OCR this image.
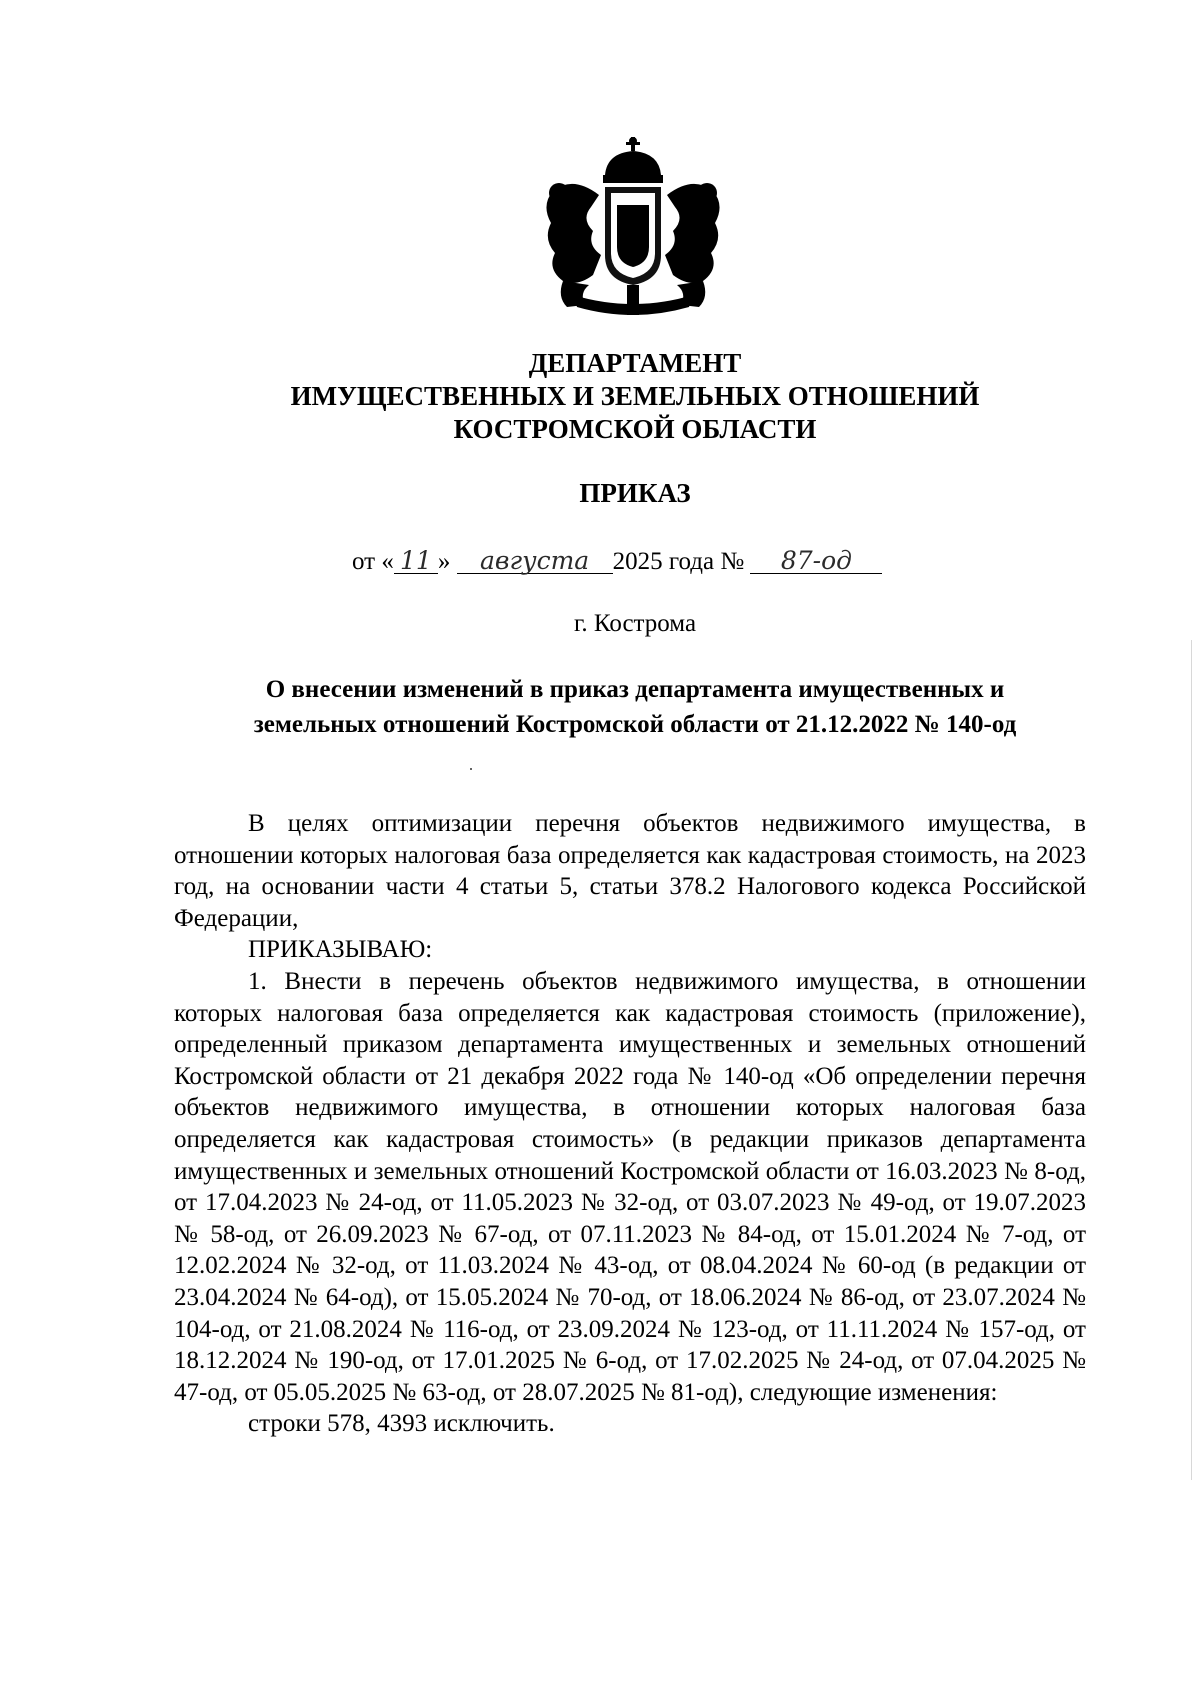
ДЕПАРТАМЕНТ
ИМУЩЕСТВЕННЫХ И ЗЕМЕЛЬНЫХ ОТНОШЕНИЙ
КОСТРОМСКОЙ ОБЛАСТИ
ПРИКАЗ
от « 11 » августа 2025 года № 87-од
г. Кострома
О внесении изменений в приказ департамента имущественных и
земельных отношений Костромской области от 21.12.2022 № 140-од

В целях оптимизации перечня объектов недвижимого имущества, в отношении которых налоговая база определяется как кадастровая стоимость, на 2023 год, на основании части 4 статьи 5, статьи 378.2 Налогового кодекса Российской Федерации,

ПРИКАЗЫВАЮ:

1. Внести в перечень объектов недвижимого имущества, в отношении которых налоговая база определяется как кадастровая стоимость (приложение), определенный приказом департамента имущественных и земельных отношений Костромской области от 21 декабря 2022 года № 140-од «Об определении перечня объектов недвижимого имущества, в отношении которых налоговая база определяется как кадастровая стоимость» (в редакции приказов департамента имущественных и земельных отношений Костромской области от 16.03.2023 № 8-од, от 17.04.2023 № 24-од, от 11.05.2023 № 32-од, от 03.07.2023 № 49-од, от 19.07.2023 № 58-од, от 26.09.2023 № 67-од, от 07.11.2023 № 84-од, от 15.01.2024 № 7-од, от 12.02.2024 № 32-од, от 11.03.2024 № 43-од, от 08.04.2024 № 60-од (в редакции от 23.04.2024 № 64-од), от 15.05.2024 № 70-од, от 18.06.2024 № 86-од, от 23.07.2024 № 104-од, от 21.08.2024 № 116-од, от 23.09.2024 № 123-од, от 11.11.2024 № 157-од, от 18.12.2024 № 190-од, от 17.01.2025 № 6-од, от 17.02.2025 № 24-од, от 07.04.2025 № 47-од, от 05.05.2025 № 63-од, от 28.07.2025 № 81-од), следующие изменения:

строки 578, 4393 исключить.
